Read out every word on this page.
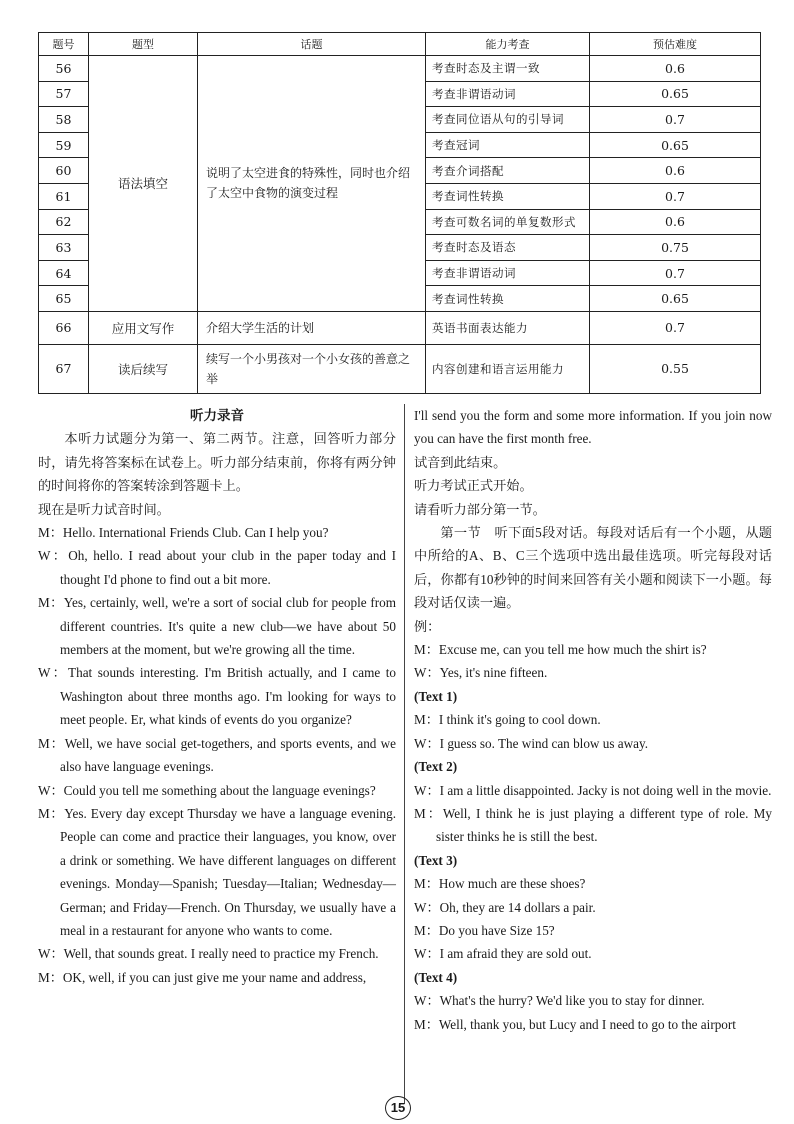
题号	题型	话题	能力考查	预估难度
56	语法填空	说明了太空进食的特殊性，同时也介绍了太空中食物的演变过程	考查时态及主谓一致	0.6
57			考查非谓语动词	0.65
58			考查同位语从句的引导词	0.7
59			考查冠词	0.65
60			考查介词搭配	0.6
61			考查词性转换	0.7
62			考查可数名词的单复数形式	0.6
63			考查时态及语态	0.75
64			考查非谓语动词	0.7
65			考查词性转换	0.65
66	应用文写作	介绍大学生活的计划	英语书面表达能力	0.7
67	读后续写	续写一个小男孩对一个小女孩的善意之举	内容创建和语言运用能力	0.55

听力录音

本听力试题分为第一、第二两节。注意，回答听力部分时，请先将答案标在试卷上。听力部分结束前，你将有两分钟的时间将你的答案转涂到答题卡上。

现在是听力试音时间。

M：Hello. International Friends Club. Can I help you?

W：Oh, hello. I read about your club in the paper today and I thought I'd phone to find out a bit more.

M：Yes, certainly, well, we're a sort of social club for people from different countries. It's quite a new club—we have about 50 members at the moment, but we're growing all the time.

W：That sounds interesting. I'm British actually, and I came to Washington about three months ago. I'm looking for ways to meet people. Er, what kinds of events do you organize?

M：Well, we have social get-togethers, and sports events, and we also have language evenings.

W：Could you tell me something about the language evenings?

M：Yes. Every day except Thursday we have a language evening. People can come and practice their languages, you know, over a drink or something. We have different languages on different evenings. Monday—Spanish; Tuesday—Italian; Wednesday—German; and Friday—French. On Thursday, we usually have a meal in a restaurant for anyone who wants to come.

W：Well, that sounds great. I really need to practice my French.

M：OK, well, if you can just give me your name and address,

I'll send you the form and some more information. If you join now you can have the first month free.

试音到此结束。

听力考试正式开始。

请看听力部分第一节。

第一节　听下面5段对话。每段对话后有一个小题，从题中所给的A、B、C三个选项中选出最佳选项。听完每段对话后，你都有10秒钟的时间来回答有关小题和阅读下一小题。每段对话仅读一遍。

例：

M：Excuse me, can you tell me how much the shirt is?

W：Yes, it's nine fifteen.

(Text 1)

M：I think it's going to cool down.

W：I guess so. The wind can blow us away.

(Text 2)

W：I am a little disappointed. Jacky is not doing well in the movie.

M：Well, I think he is just playing a different type of role. My sister thinks he is still the best.

(Text 3)

M：How much are these shoes?

W：Oh, they are 14 dollars a pair.

M：Do you have Size 15?

W：I am afraid they are sold out.

(Text 4)

W：What's the hurry? We'd like you to stay for dinner.

M：Well, thank you, but Lucy and I need to go to the airport

15
